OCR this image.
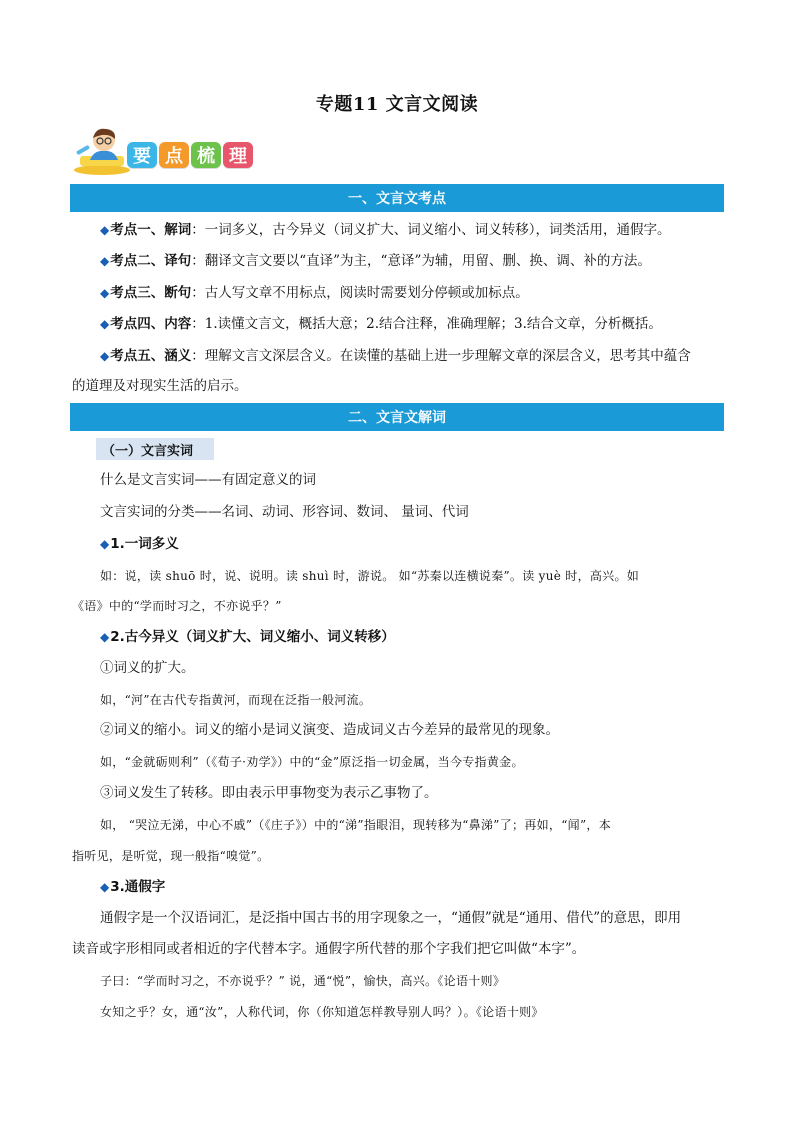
专题11 文言文阅读
要 点 梳 理
一、文言文考点
◆考点一、解词：一词多义，古今异义（词义扩大、词义缩小、词义转移），词类活用，通假字。
◆考点二、译句：翻译文言文要以“直译”为主，“意译”为辅，用留、删、换、调、补的方法。
◆考点三、断句：古人写文章不用标点，阅读时需要划分停顿或加标点。
◆考点四、内容：1.读懂文言文，概括大意；2.结合注释，准确理解；3.结合文章，分析概括。
◆考点五、涵义：理解文言文深层含义。在读懂的基础上进一步理解文章的深层含义，思考其中蕴含
的道理及对现实生活的启示。
二、文言文解词
（一）文言实词
什么是文言实词——有固定意义的词
文言实词的分类——名词、动词、形容词、数词、 量词、代词
◆1.一词多义
如：说，读 shuō 时，说、说明。读 shuì 时，游说。 如“苏秦以连横说秦”。读 yuè 时，高兴。如
《语》中的“学而时习之，不亦说乎？”
◆2.古今异义（词义扩大、词义缩小、词义转移）
①词义的扩大。
如，“河”在古代专指黄河，而现在泛指一般河流。
②词义的缩小。词义的缩小是词义演变、造成词义古今差异的最常见的现象。
如，“金就砺则利”（《荀子·劝学》）中的“金”原泛指一切金属，当今专指黄金。
③词义发生了转移。即由表示甲事物变为表示乙事物了。
如， “哭泣无涕，中心不戚”（《庄子》）中的“涕”指眼泪，现转移为“鼻涕”了；再如，“闻”，本
指听见，是听觉，现一般指“嗅觉”。
◆3.通假字
通假字是一个汉语词汇，是泛指中国古书的用字现象之一，“通假”就是“通用、借代”的意思，即用
读音或字形相同或者相近的字代替本字。通假字所代替的那个字我们把它叫做“本字”。
子曰：“学而时习之，不亦说乎？” 说，通“悦”，愉快，高兴。《论语十则》
女知之乎？女，通“汝”，人称代词，你（你知道怎样教导别人吗？）。《论语十则》
